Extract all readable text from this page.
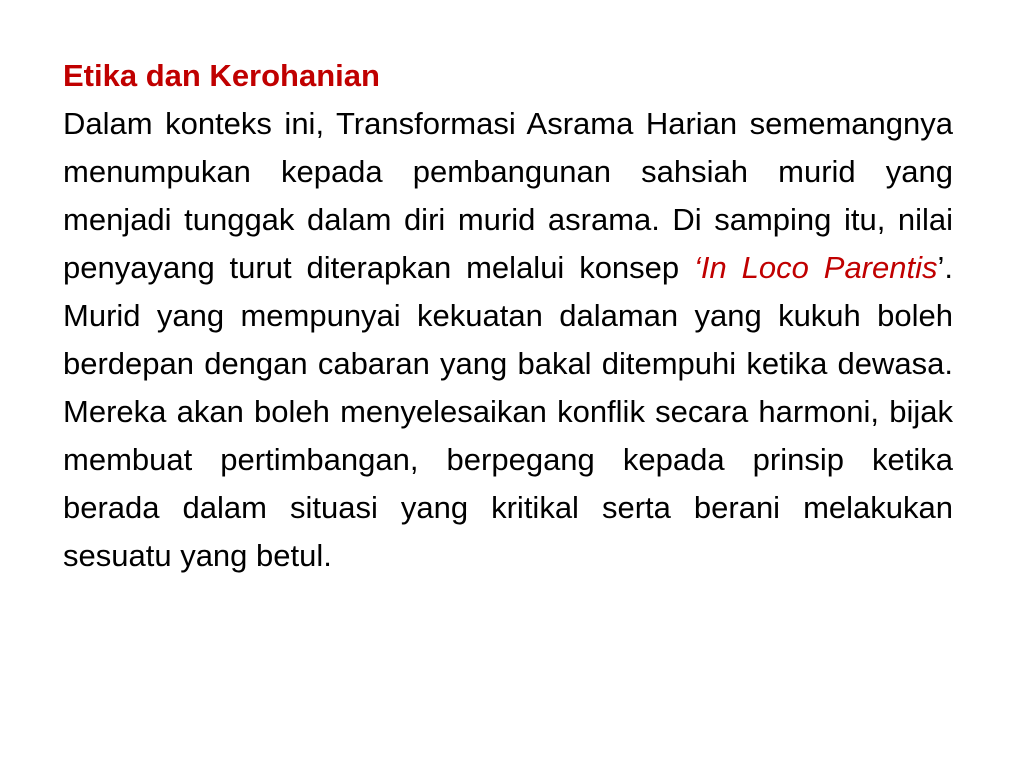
Etika dan Kerohanian

Dalam konteks ini, Transformasi Asrama Harian sememangnya menumpukan kepada pembangunan sahsiah murid yang menjadi tunggak dalam diri murid asrama. Di samping itu, nilai penyayang turut diterapkan melalui konsep ‘In Loco Parentis’. Murid yang mempunyai kekuatan dalaman yang kukuh boleh berdepan dengan cabaran yang bakal ditempuhi ketika dewasa. Mereka akan boleh menyelesaikan konflik secara harmoni, bijak membuat pertimbangan, berpegang kepada prinsip ketika berada dalam situasi yang kritikal serta berani melakukan sesuatu yang betul.
